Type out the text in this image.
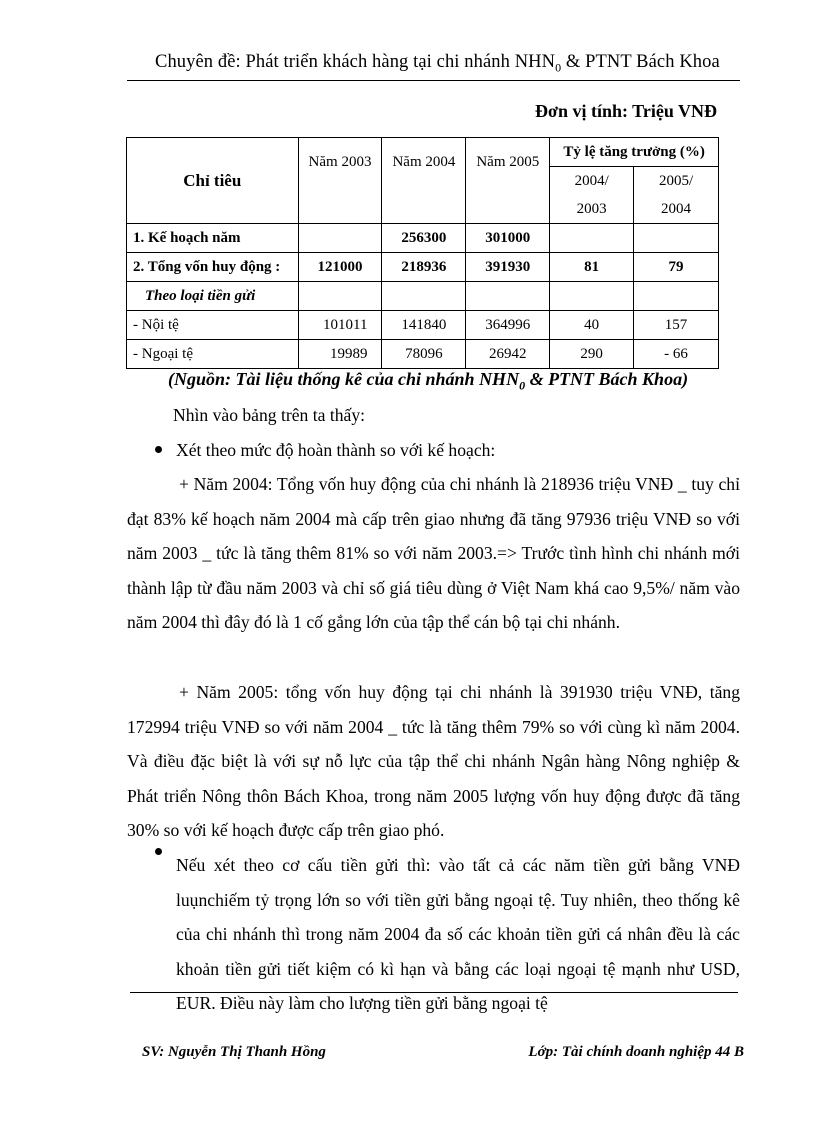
Chuyên đề: Phát triển khách hàng tại chi nhánh $NHN_0$ & PTNT Bách Khoa
Đơn vị tính: Triệu VNĐ
Chỉ tiêu	Năm 2003	Năm 2004	Năm 2005	Tỷ lệ tăng trưởng (%)	
				2004/	2005/
				2003	2004
1. Kế hoạch năm		256300	301000		
2. Tổng vốn huy động :	121000	218936	391930	81	79
Theo loại tiền gửi					
- Nội tệ	101011	141840	364996	40	157
- Ngoại tệ	19989	78096	26942	290	- 66
(Nguồn: Tài liệu thống kê của chi nhánh $NHN_0$ & PTNT Bách Khoa)
Nhìn vào bảng trên ta thấy:
Xét theo mức độ hoàn thành so với kế hoạch:

+ Năm 2004: Tổng vốn huy động của chi nhánh là 218936 triệu VNĐ _ tuy chỉ đạt 83% kế hoạch năm 2004 mà cấp trên giao nhưng đã tăng 97936 triệu VNĐ so với năm 2003 _ tức là tăng thêm 81% so với năm 2003.=> Trước tình hình chi nhánh mới thành lập từ đầu năm 2003 và chỉ số giá tiêu dùng ở Việt Nam khá cao 9,5%/ năm vào năm 2004 thì đây đó là 1 cố gắng lớn của tập thể cán bộ tại chi nhánh.

+ Năm 2005: tổng vốn huy động tại chi nhánh là 391930 triệu VNĐ, tăng 172994 triệu VNĐ so với năm 2004 _ tức là tăng thêm 79% so với cùng kì năm 2004. Và điều đặc biệt là với sự nỗ lực của tập thể chi nhánh Ngân hàng Nông nghiệp & Phát triển Nông thôn Bách Khoa, trong năm 2005 lượng vốn huy động được đã tăng 30% so với kế hoạch được cấp trên giao phó.

Nếu xét theo cơ cấu tiền gửi thì: vào tất cả các năm tiền gửi bằng VNĐ luụnchiếm tỷ trọng lớn so với tiền gửi bằng ngoại tệ. Tuy nhiên, theo thống kê của chi nhánh thì trong năm 2004 đa số các khoản tiền gửi cá nhân đều là các khoản tiền gửi tiết kiệm có kì hạn và bằng các loại ngoại tệ mạnh như USD, EUR. Điều này làm cho lượng tiền gửi bằng ngoại tệ

SV: Nguyễn Thị Thanh Hồng	Lớp: Tài chính doanh nghiệp 44 B
